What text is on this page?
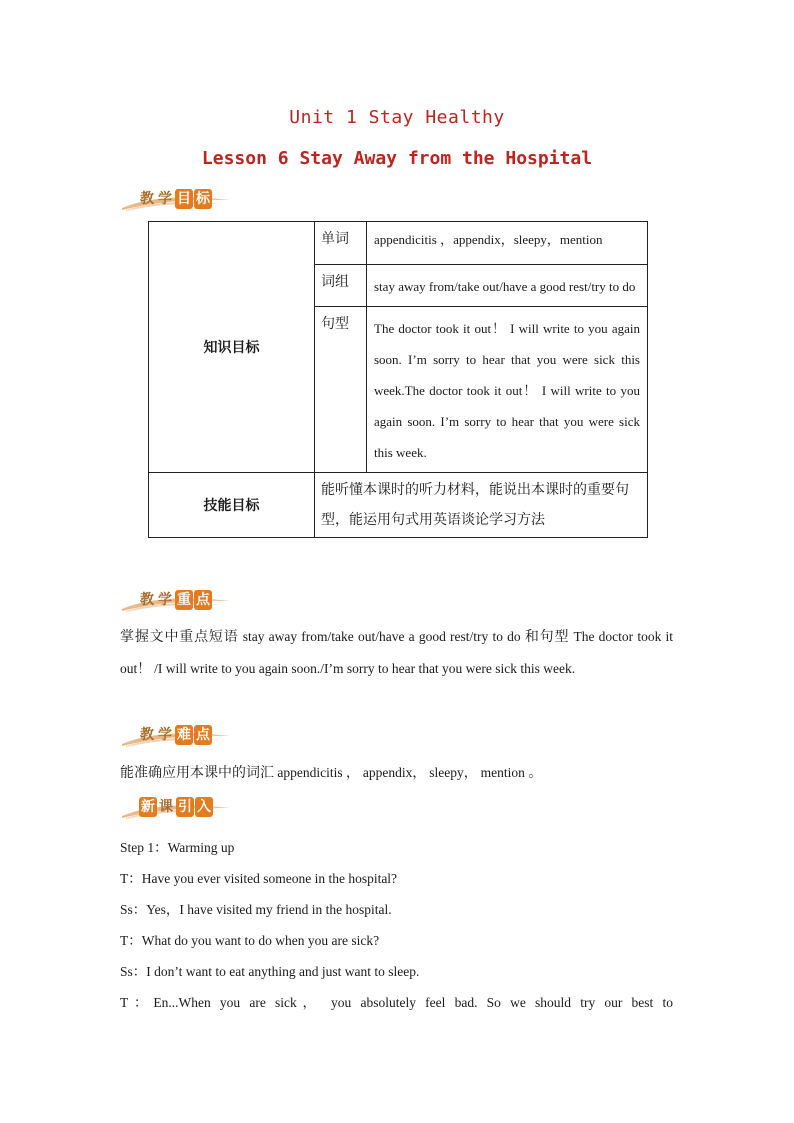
Unit 1 Stay Healthy
Lesson 6 Stay Away from the Hospital
教 学 目 标
知识目标	单词	appendicitis ，appendix，sleepy，mention
	词组	stay away from/take out/have a good rest/try to do
	句型	The doctor took it out！ I will write to you again soon. I’m sorry to hear that you were sick this week.The doctor took it out！ I will write to you again soon. I’m sorry to hear that you were sick this week.
技能目标	能听懂本课时的听力材料，能说出本课时的重要句型，能运用句式用英语谈论学习方法	
教 学 重 点
掌握文中重点短语 stay away from/take out/have a good rest/try to do 和句型 The doctor took it out！ /I will write to you again soon./I’m sorry to hear that you were sick this week.
教 学 难 点
能准确应用本课中的词汇 appendicitis ， appendix， sleepy， mention 。
新 课 引 入
Step 1：Warming up
T：Have you ever visited someone in the hospital?
Ss：Yes，I have visited my friend in the hospital.
T：What do you want to do when you are sick?
Ss：I don’t want to eat anything and just want to sleep.
T：En...When you are sick， you absolutely feel bad. So we should try our best to
